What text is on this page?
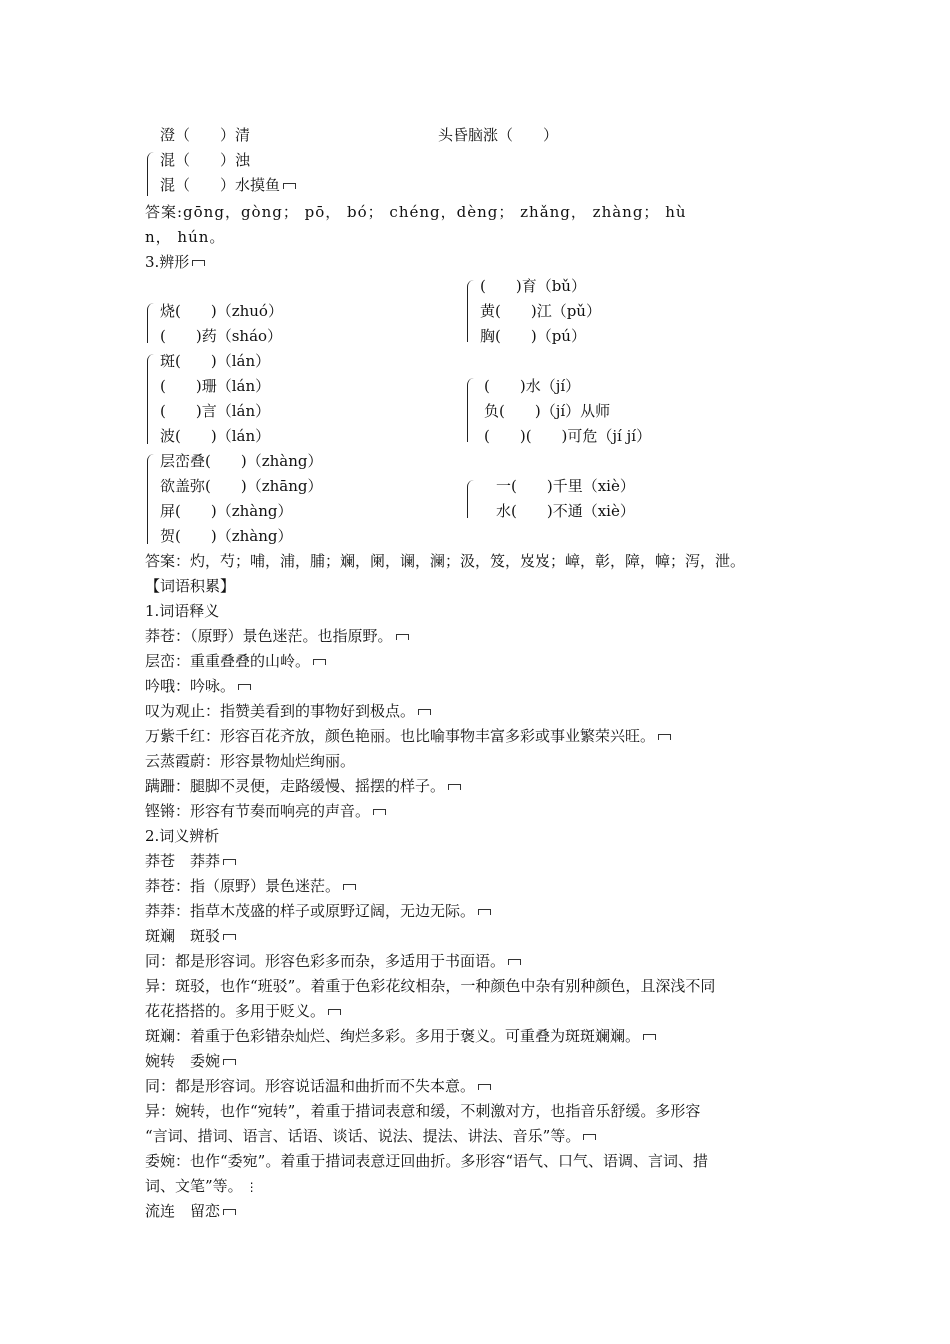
澄（　　）清	头昏脑涨（　　）
混（　　）浊
混（　　）水摸鱼
答案:gōng，gòng； pō， bó； chéng，dèng； zhǎng， zhàng； hù
n， hún。
3.辨形
(　　)育（bǔ）
黄(　　)江（pǔ）
胸(　　)（pú）
烧(　　)（zhuó）
(　　)药（sháo）
斑(　　)（lán）
(　　)珊（lán）
(　　)言（lán）
波(　　)（lán）
(　　)水（jí）
负(　　)（jí）从师
(　　)(　　)可危（jí jí）
层峦叠(　　)（zhàng）
欲盖弥(　　)（zhāng）
屏(　　)（zhàng）
贺(　　)（zhàng）
一(　　)千里（xiè）
水(　　)不通（xiè）
答案：灼，芍；哺，浦，脯；斓，阑，谰，澜；汲，笈，岌岌；嶂，彰，障，幛；泻，泄。
【词语积累】
1.词语释义
莽苍：（原野）景色迷茫。也指原野。
层峦：重重叠叠的山岭。
吟哦：吟咏。
叹为观止：指赞美看到的事物好到极点。
万紫千红：形容百花齐放，颜色艳丽。也比喻事物丰富多彩或事业繁荣兴旺。
云蒸霞蔚：形容景物灿烂绚丽。
蹒跚：腿脚不灵便，走路缓慢、摇摆的样子。
铿锵：形容有节奏而响亮的声音。
2.词义辨析
莽苍　莽莽
莽苍：指（原野）景色迷茫。
莽莽：指草木茂盛的样子或原野辽阔，无边无际。
斑斓　斑驳
同：都是形容词。形容色彩多而杂，多适用于书面语。
异：斑驳，也作“班驳”。着重于色彩花纹相杂，一种颜色中杂有别种颜色，且深浅不同
花花搭搭的。多用于贬义。
斑斓：着重于色彩错杂灿烂、绚烂多彩。多用于褒义。可重叠为斑斑斓斓。
婉转　委婉
同：都是形容词。形容说话温和曲折而不失本意。
异：婉转，也作“宛转”，着重于措词表意和缓，不刺激对方，也指音乐舒缓。多形容
“言词、措词、语言、话语、谈话、说法、提法、讲法、音乐”等。
委婉：也作“委宛”。着重于措词表意迂回曲折。多形容“语气、口气、语调、言词、措
词、文笔”等。 ⋮
流连　留恋
